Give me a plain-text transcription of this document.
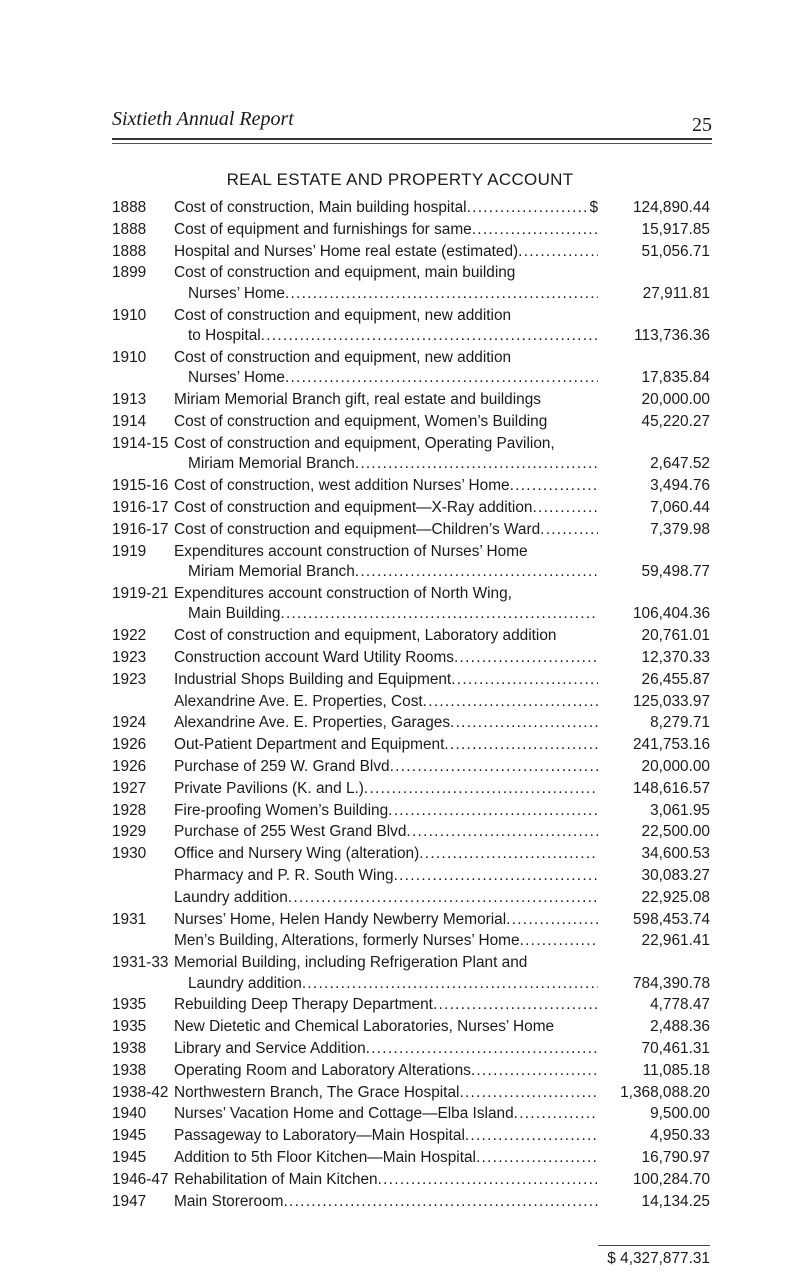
Sixtieth Annual Report	25
REAL ESTATE AND PROPERTY ACCOUNT
1888	Cost of construction, Main building hospital . . .	$	124,890.44
1888	Cost of equipment and furnishings for same . . .	15,917.85
1888	Hospital and Nurses’ Home real estate (estimated) . . .	51,056.71
1899	Cost of construction and equipment, main building
Nurses’ Home . . .	27,911.81
1910	Cost of construction and equipment, new addition
to Hospital . . .	113,736.36
1910	Cost of construction and equipment, new addition
Nurses’ Home . . .	17,835.84
1913	Miriam Memorial Branch gift, real estate and buildings	20,000.00
1914	Cost of construction and equipment, Women’s Building	45,220.27
1914-15 Cost of construction and equipment, Operating Pavilion,
Miriam Memorial Branch . . .	2,647.52
1915-16 Cost of construction, west addition Nurses’ Home . . .	3,494.76
1916-17 Cost of construction and equipment—X-Ray addition . . .	7,060.44
1916-17 Cost of construction and equipment—Children’s Ward . . .	7,379.98
1919	Expenditures account construction of Nurses’ Home
Miriam Memorial Branch . . .	59,498.77
1919-21 Expenditures account construction of North Wing,
Main Building . . .	106,404.36
1922	Cost of construction and equipment, Laboratory addition	20,761.01
1923	Construction account Ward Utility Rooms . . .	12,370.33
1923	Industrial Shops Building and Equipment . . .	26,455.87
Alexandrine Ave. E. Properties, Cost . . .	125,033.97
1924	Alexandrine Ave. E. Properties, Garages . . .	8,279.71
1926	Out-Patient Department and Equipment . . .	241,753.16
1926	Purchase of 259 W. Grand Blvd . . .	20,000.00
1927	Private Pavilions (K. and L.) . . .	148,616.57
1928	Fire-proofing Women’s Building . . .	3,061.95
1929	Purchase of 255 West Grand Blvd . . .	22,500.00
1930	Office and Nursery Wing (alteration) . . .	34,600.53
Pharmacy and P. R. South Wing . . .	30,083.27
Laundry addition . . .	22,925.08
1931	Nurses’ Home, Helen Handy Newberry Memorial . . .	598,453.74
Men’s Building, Alterations, formerly Nurses’ Home . . .	22,961.41
1931-33 Memorial Building, including Refrigeration Plant and
Laundry addition . . .	784,390.78
1935	Rebuilding Deep Therapy Department . . .	4,778.47
1935	New Dietetic and Chemical Laboratories, Nurses’ Home	2,488.36
1938	Library and Service Addition . . .	70,461.31
1938	Operating Room and Laboratory Alterations . . .	11,085.18
1938-42 Northwestern Branch, The Grace Hospital . . .	1,368,088.20
1940	Nurses’ Vacation Home and Cottage—Elba Island . . .	9,500.00
1945	Passageway to Laboratory—Main Hospital . . .	4,950.33
1945	Addition to 5th Floor Kitchen—Main Hospital . . .	16,790.97
1946-47 Rehabilitation of Main Kitchen . . .	100,284.70
1947	Main Storeroom . . .	14,134.25
$ 4,327,877.31
